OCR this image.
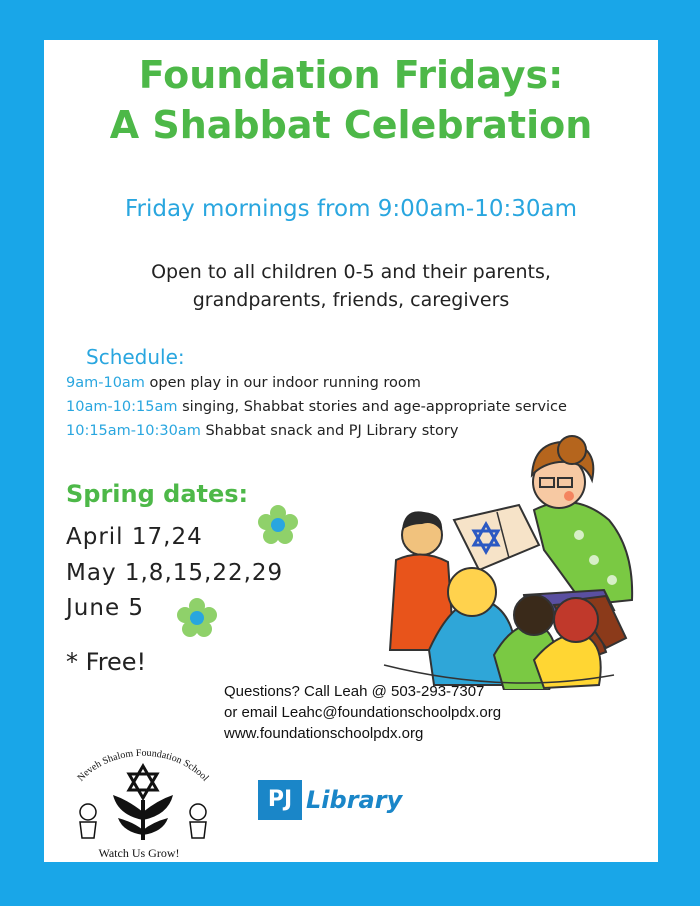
Foundation Fridays:
A Shabbat Celebration
Friday mornings from 9:00am-10:30am
Open to all children 0-5 and their parents,
grandparents, friends, caregivers
Schedule:
9am-10am open play in our indoor running room
10am-10:15am singing, Shabbat stories and age-appropriate service
10:15am-10:30am Shabbat snack and PJ Library story
Spring dates:
April 17,24
May 1,8,15,22,29
June 5
* Free!
Questions? Call Leah @ 503-293-7307
or email Leahc@foundationschoolpdx.org
www.foundationschoolpdx.org
Neveh Shalom Foundation School
Watch Us Grow!
PJ Library
